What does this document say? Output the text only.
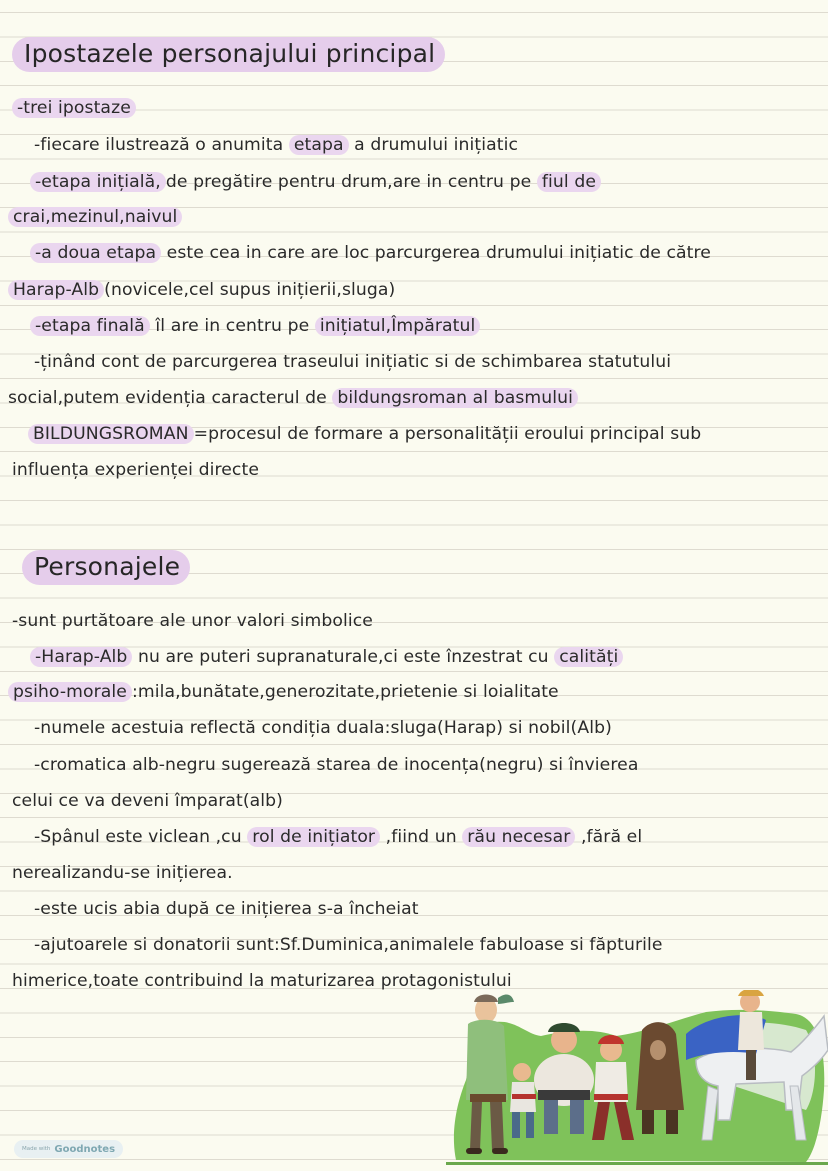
Ipostazele personajului principal
-trei ipostaze
-fiecare ilustrează o anumita etapa a drumului inițiatic
-etapa inițială, de pregătire pentru drum,are in centru pe fiul de
crai,mezinul,naivul
-a doua etapa este cea in care are loc parcurgerea drumului inițiatic de către
Harap-Alb (novicele,cel supus inițierii,sluga)
-etapa finală îl are in centru pe inițiatul,Împăratul
-ținând cont de parcurgerea traseului inițiatic si de schimbarea statutului
social,putem evidenția caracterul de bildungsroman al basmului
BILDUNGSROMAN =procesul de formare a personalității eroului principal sub
influența experienței directe
Personajele
-sunt purtătoare ale unor valori simbolice
-Harap-Alb nu are puteri supranaturale,ci este înzestrat cu calități
psiho-morale :mila,bunătate,generozitate,prietenie si loialitate
-numele acestuia reflectă condiția duala:sluga(Harap) si nobil(Alb)
-cromatica alb-negru sugerează starea de inocența(negru) si învierea
celui ce va deveni împarat(alb)
-Spânul este viclean ,cu rol de inițiator ,fiind un rău necesar ,fără el
nerealizandu-se inițierea.
-este ucis abia după ce inițierea s-a încheiat
-ajutoarele si donatorii sunt:Sf.Duminica,animalele fabuloase si făpturile
himerice,toate contribuind la maturizarea protagonistului
Made with Goodnotes
